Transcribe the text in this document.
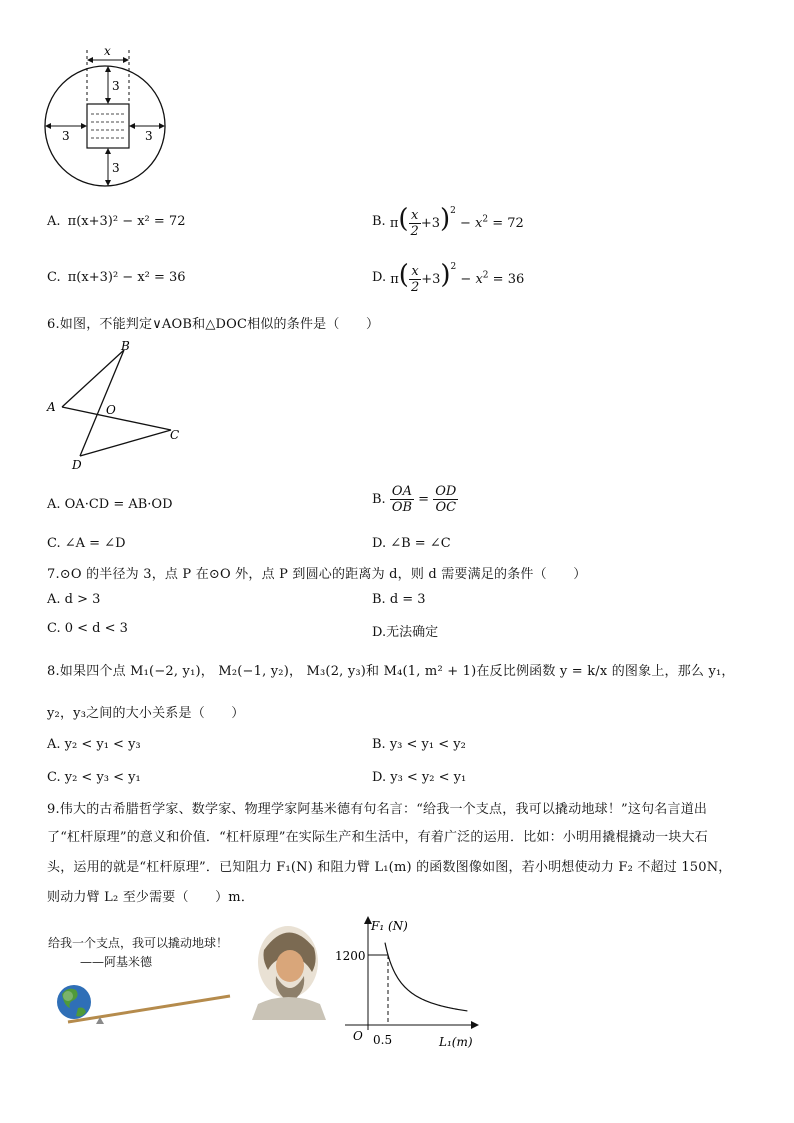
x
3
3	3
3
A. π(x+3)² − x² = 72	B. $\pi( \frac{x}{2} +3)^2 - x^2 = 72$
C. π(x+3)² − x² = 36	D. $\pi( \frac{x}{2} +3)^2 - x^2 = 36$
6.如图，不能判定∨AOB和△DOC相似的条件是（　　）
B
A	O
C
D
A. OA·CD = AB·OD	B. $\frac{OA}{OB} = \frac{OD}{OC}$
C. ∠A = ∠D	D. ∠B = ∠C
7.⊙O 的半径为 3，点 P 在⊙O 外，点 P 到圆心的距离为 d，则 d 需要满足的条件（　　）
A. d > 3	B. d = 3
C. 0 < d < 3	D.无法确定
8.如果四个点 M₁(−2, y₁)， M₂(−1, y₂)， M₃(2, y₃)和 M₄(1, m² + 1)在反比例函数 y = k/x 的图象上，那么 y₁，
y₂，y₃之间的大小关系是（　　）
A. y₂ < y₁ < y₃	B. y₃ < y₁ < y₂
C. y₂ < y₃ < y₁	D. y₃ < y₂ < y₁
9.伟大的古希腊哲学家、数学家、物理学家阿基米德有句名言：“给我一个支点，我可以撬动地球！”这句名言道出
了“杠杆原理”的意义和价值．“杠杆原理”在实际生产和生活中，有着广泛的运用．比如：小明用撬棍撬动一块大石
头，运用的就是“杠杆原理”．已知阻力 F₁(N) 和阻力臂 L₁(m) 的函数图像如图，若小明想使动力 F₂ 不超过 150N，
则动力臂 L₂ 至少需要（　　）m．
给我一个支点，我可以撬动地球！
——阿基米德
F₁ (N)
L₁(m)
O 0.5
1200
